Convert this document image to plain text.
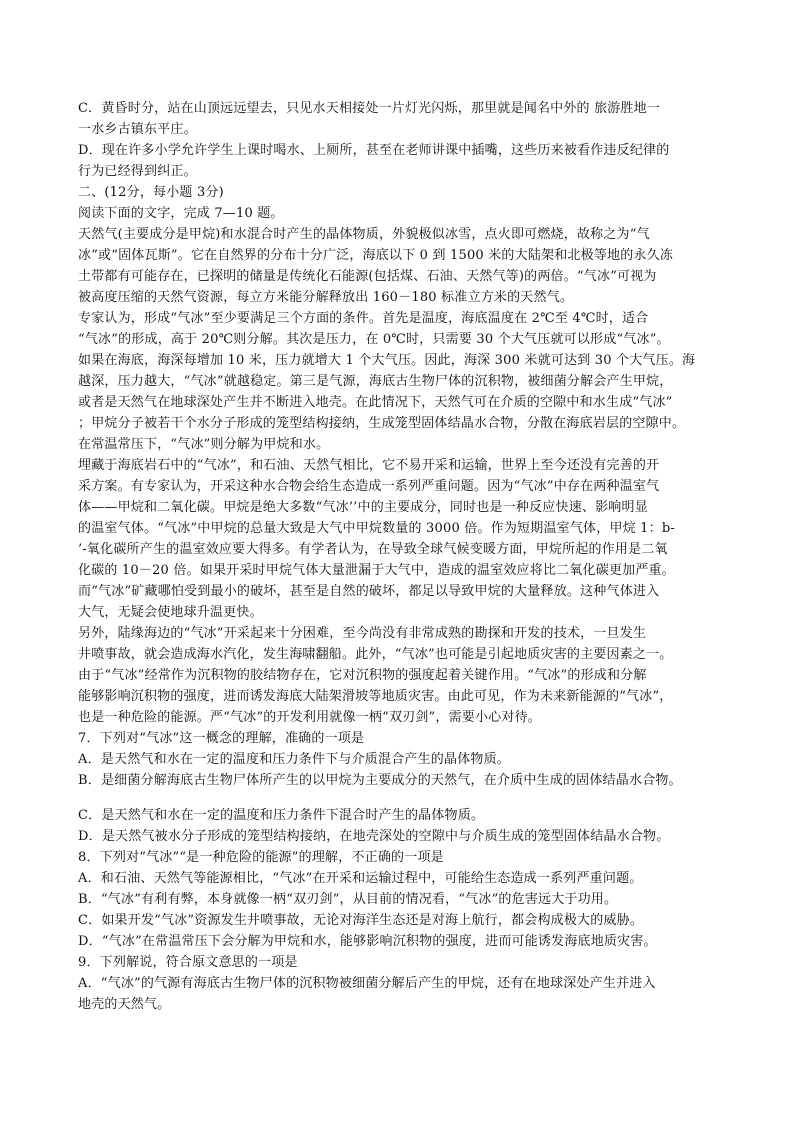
C．黄昏时分，站在山顶远远望去，只见水天相接处一片灯光闪烁，那里就是闻名中外的 旅游胜地一
一水乡古镇东平庄。
D．现在许多小学允许学生上课时喝水、上厕所，甚至在老师讲课中插嘴，这些历来被看作违反纪律的
行为已经得到纠正。
二、(12分，每小题 3分)
阅读下面的文字，完成 7—10 题。
天然气(主要成分是甲烷)和水混合时产生的晶体物质，外貌极似冰雪，点火即可燃烧，故称之为“气
冰”或“固体瓦斯”。它在自然界的分布十分广泛，海底以下 0 到 1500 米的大陆架和北极等地的永久冻
土带都有可能存在，已探明的储量是传统化石能源(包括煤、石油、天然气等)的两倍。“气冰”可视为
被高度压缩的天然气资源，每立方米能分解释放出 160－180 标准立方米的天然气。
专家认为，形成“气冰”至少要满足三个方面的条件。首先是温度，海底温度在 2℃至 4℃时，适合
“气冰”的形成，高于 20℃则分解。其次是压力，在 0℃时，只需要 30 个大气压就可以形成“气冰”。
如果在海底，海深每增加 10 米，压力就增大 1 个大气压。因此，海深 300 米就可达到 30 个大气压。海
越深，压力越大，“气冰”就越稳定。第三是气源，海底古生物尸体的沉积物，被细菌分解会产生甲烷，
或者是天然气在地球深处产生并不断进入地壳。在此情况下，天然气可在介质的空隙中和水生成“气冰”
；甲烷分子被若干个水分子形成的笼型结构接纳，生成笼型固体结晶水合物，分散在海底岩层的空隙中。
在常温常压下，“气冰”则分解为甲烷和水。
埋藏于海底岩石中的“气冰”，和石油、天然气相比，它不易开采和运输，世界上至今还没有完善的开
采方案。有专家认为，开采这种水合物会给生态造成一系列严重问题。因为“气冰”中存在两种温室气
体——甲烷和二氧化碳。甲烷是绝大多数“气冰’’中的主要成分，同时也是一种反应快速、影响明显
的温室气体。“气冰”中甲烷的总量大致是大气中甲烷数量的 3000 倍。作为短期温室气体，甲烷 1：b-
’-氧化碳所产生的温室效应要大得多。有学者认为，在导致全球气候变暖方面，甲烷所起的作用是二氧
化碳的 10－20 倍。如果开采时甲烷气体大量泄漏于大气中，造成的温室效应将比二氧化碳更加严重。
而“气冰”矿藏哪怕受到最小的破坏，甚至是自然的破坏，都足以导致甲烷的大量释放。这种气体进入
大气，无疑会使地球升温更快。
另外，陆缘海边的“气冰”开采起来十分困难，至今尚没有非常成熟的勘探和开发的技术，一旦发生
井喷事故，就会造成海水汽化，发生海啸翻船。此外，“气冰”也可能是引起地质灾害的主要因素之一。
由于“气冰”经常作为沉积物的胶结物存在，它对沉积物的强度起着关键作用。“气冰”的形成和分解
能够影响沉积物的强度，进而诱发海底大陆架滑坡等地质灾害。由此可见，作为未来新能源的“气冰”，
也是一种危险的能源。严“气冰”的开发利用就像一柄“双刃剑”，需要小心对待。
7．下列对“气冰”这一概念的理解，准确的一项是
A．是天然气和水在一定的温度和压力条件下与介质混合产生的晶体物质。
B．是细菌分解海底古生物尸体所产生的以甲烷为主要成分的天然气，在介质中生成的固体结晶水合物。
C．是天然气和水在一定的温度和压力条件下混合时产生的晶体物质。
D．是天然气被水分子形成的笼型结构接纳，在地壳深处的空隙中与介质生成的笼型固体结晶水合物。
8．下列对“气冰”“是一种危险的能源”的理解，不正确的一项是
A．和石油、天然气等能源相比，“气冰”在开采和运输过程中，可能给生态造成一系列严重问题。
B．“气冰”有利有弊，本身就像一柄“双刃剑”，从目前的情况看，“气冰”的危害远大于功用。
C．如果开发“气冰”资源发生井喷事故，无论对海洋生态还是对海上航行，都会构成极大的威胁。
D．“气冰”在常温常压下会分解为甲烷和水，能够影响沉积物的强度，进而可能诱发海底地质灾害。
9．下列解说，符合原文意思的一项是
A．“气冰”的气源有海底古生物尸体的沉积物被细菌分解后产生的甲烷，还有在地球深处产生并进入
地壳的天然气。
